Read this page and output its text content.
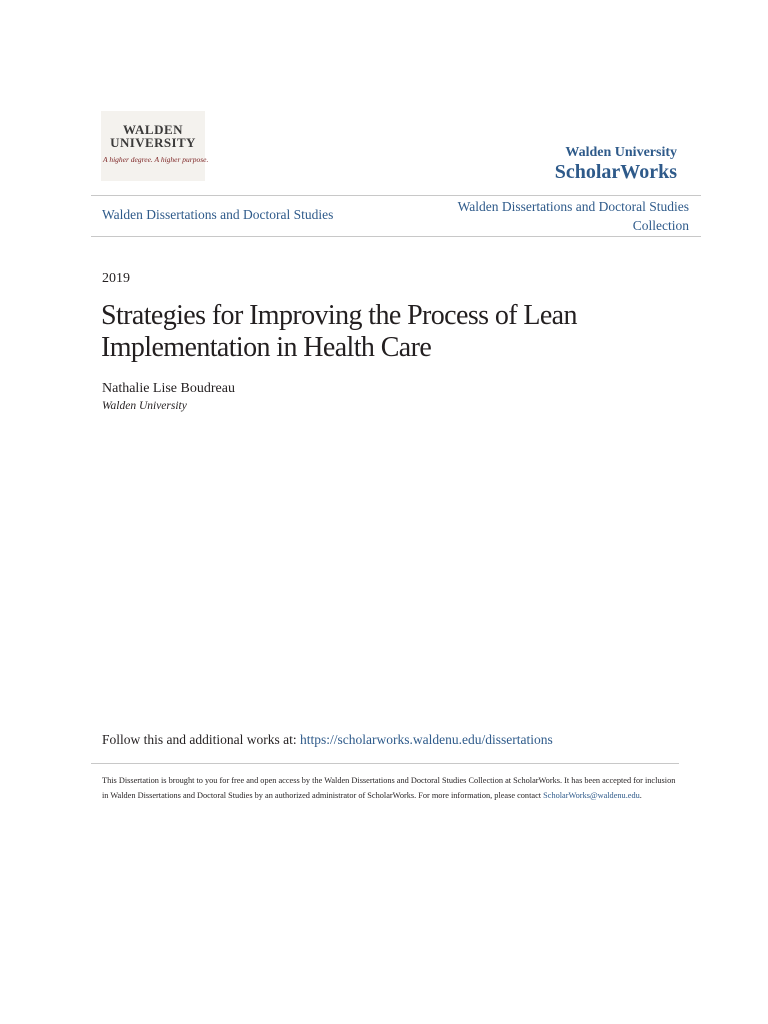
WALDEN
UNIVERSITY
A higher degree. A higher purpose.	Walden University
ScholarWorks
Walden Dissertations and Doctoral Studies
Walden Dissertations and Doctoral Studies
Collection
2019
Strategies for Improving the Process of Lean Implementation in Health Care
Nathalie Lise Boudreau
Walden University
Follow this and additional works at: https://scholarworks.waldenu.edu/dissertations
This Dissertation is brought to you for free and open access by the Walden Dissertations and Doctoral Studies Collection at ScholarWorks. It has been accepted for inclusion in Walden Dissertations and Doctoral Studies by an authorized administrator of ScholarWorks. For more information, please contact ScholarWorks@waldenu.edu.
